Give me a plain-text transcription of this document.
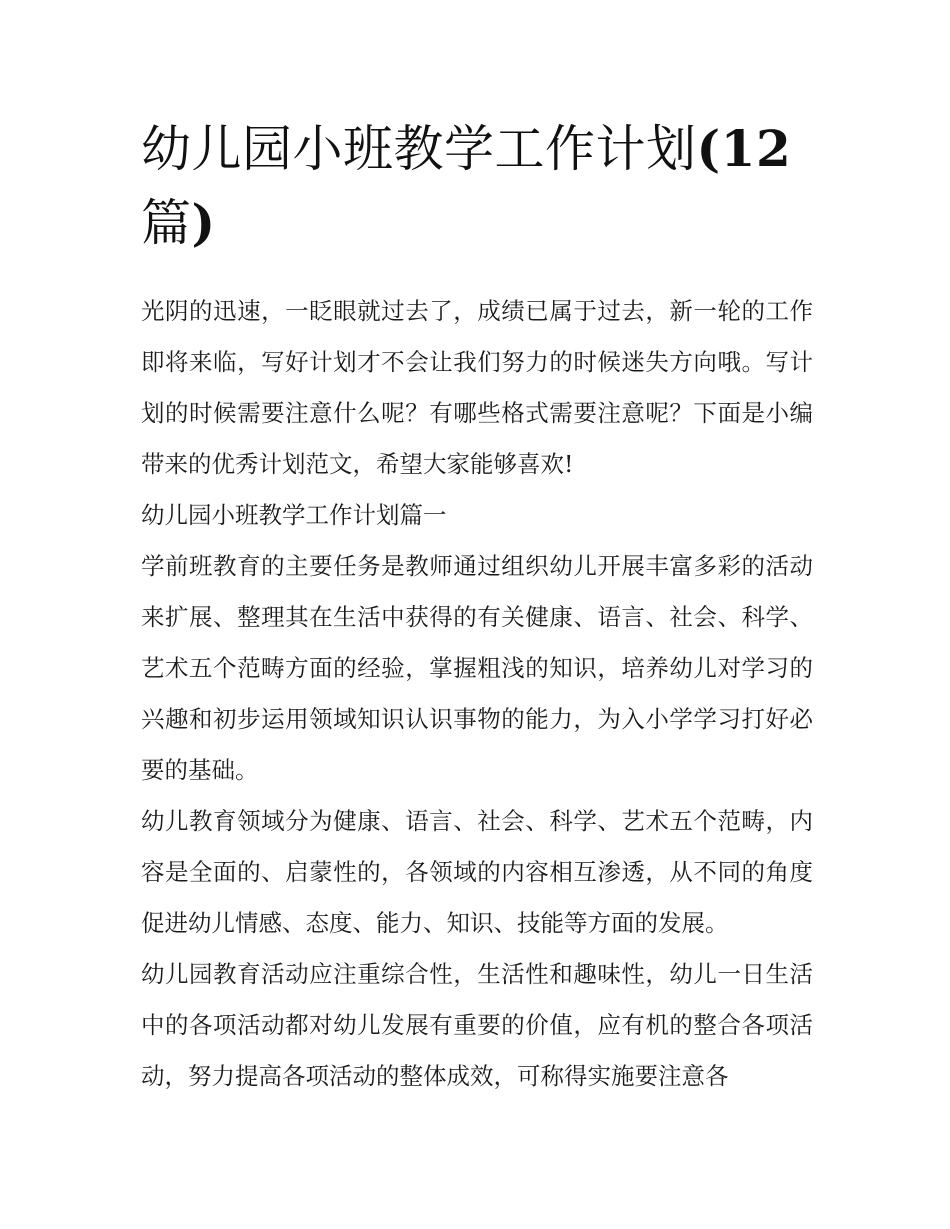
幼儿园小班教学工作计划(12
篇)

光阴的迅速，一眨眼就过去了，成绩已属于过去，新一轮的工作即将来临，写好计划才不会让我们努力的时候迷失方向哦。写计划的时候需要注意什么呢？有哪些格式需要注意呢？下面是小编带来的优秀计划范文，希望大家能够喜欢!

幼儿园小班教学工作计划篇一

学前班教育的主要任务是教师通过组织幼儿开展丰富多彩的活动来扩展、整理其在生活中获得的有关健康、语言、社会、科学、艺术五个范畴方面的经验，掌握粗浅的知识，培养幼儿对学习的兴趣和初步运用领域知识认识事物的能力，为入小学学习打好必要的基础。

幼儿教育领域分为健康、语言、社会、科学、艺术五个范畴，内容是全面的、启蒙性的，各领域的内容相互渗透，从不同的角度促进幼儿情感、态度、能力、知识、技能等方面的发展。

幼儿园教育活动应注重综合性，生活性和趣味性，幼儿一日生活中的各项活动都对幼儿发展有重要的价值，应有机的整合各项活动，努力提高各项活动的整体成效，可称得实施要注意各
